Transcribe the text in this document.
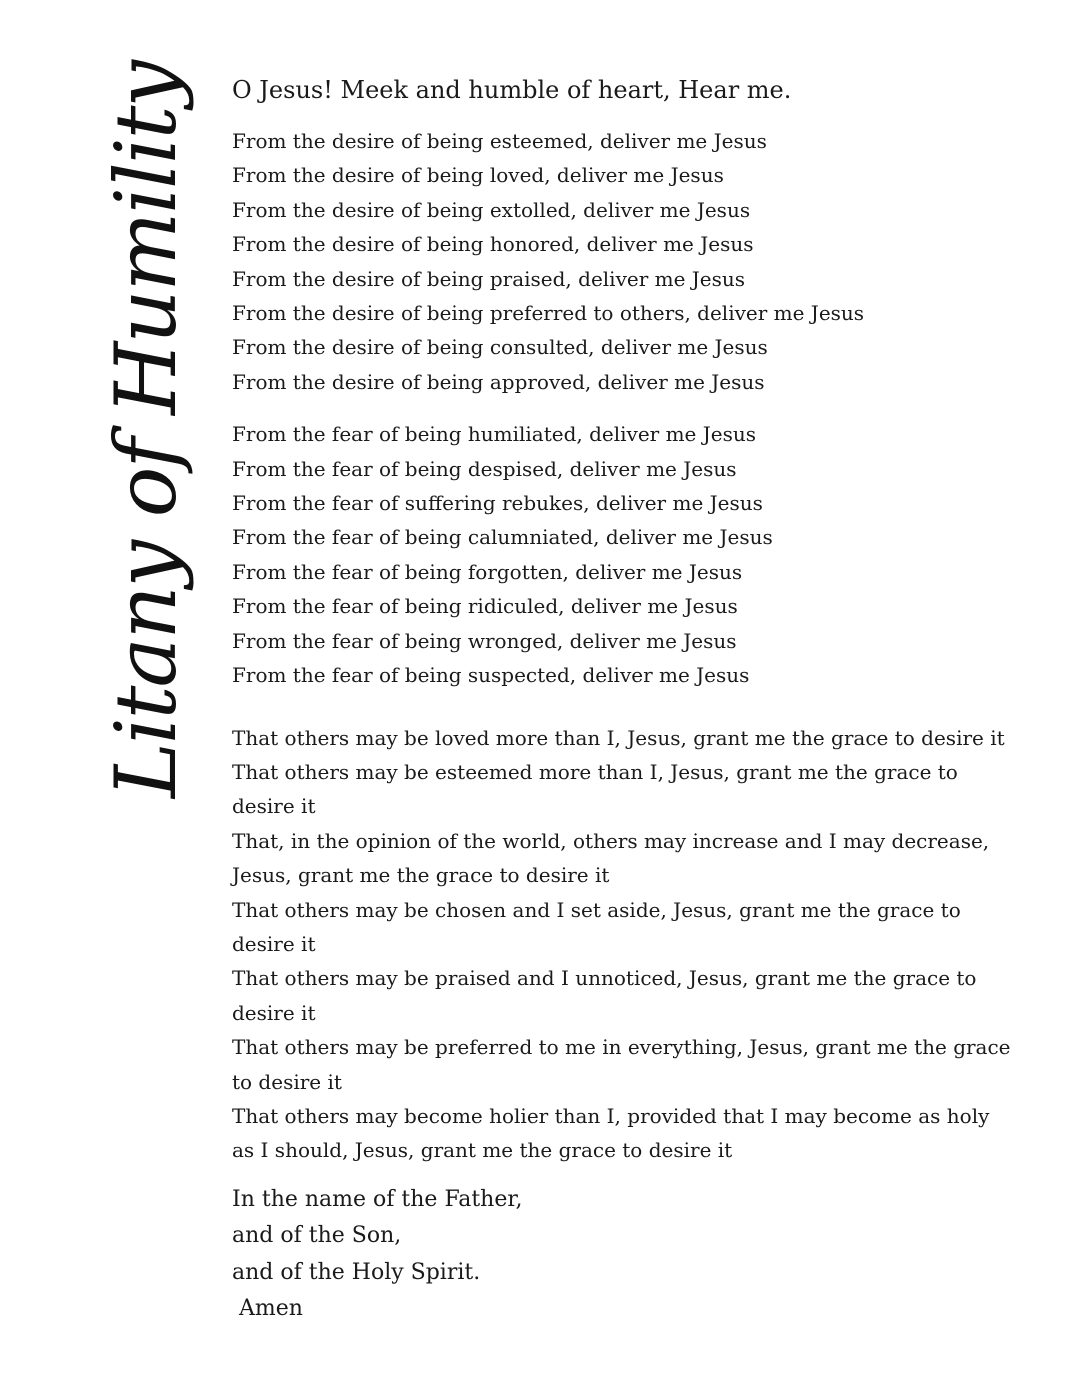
Litany of Humility O Jesus! Meek and humble of heart, Hear me.

From the desire of being esteemed, deliver me Jesus

From the desire of being loved, deliver me Jesus

From the desire of being extolled, deliver me Jesus

From the desire of being honored, deliver me Jesus

From the desire of being praised, deliver me Jesus

From the desire of being preferred to others, deliver me Jesus

From the desire of being consulted, deliver me Jesus

From the desire of being approved, deliver me Jesus

From the fear of being humiliated, deliver me Jesus

From the fear of being despised, deliver me Jesus

From the fear of suffering rebukes, deliver me Jesus

From the fear of being calumniated, deliver me Jesus

From the fear of being forgotten, deliver me Jesus

From the fear of being ridiculed, deliver me Jesus

From the fear of being wronged, deliver me Jesus

From the fear of being suspected, deliver me Jesus

That others may be loved more than I, Jesus, grant me the grace to desire it

That others may be esteemed more than I, Jesus, grant me the grace to desire it

That, in the opinion of the world, others may increase and I may decrease, Jesus, grant me the grace to desire it

That others may be chosen and I set aside, Jesus, grant me the grace to desire it

That others may be praised and I unnoticed, Jesus, grant me the grace to desire it

That others may be preferred to me in everything, Jesus, grant me the grace to desire it

That others may become holier than I, provided that I may become as holy as I should, Jesus, grant me the grace to desire it

In the name of the Father,

and of the Son,

and of the Holy Spirit.

Amen
